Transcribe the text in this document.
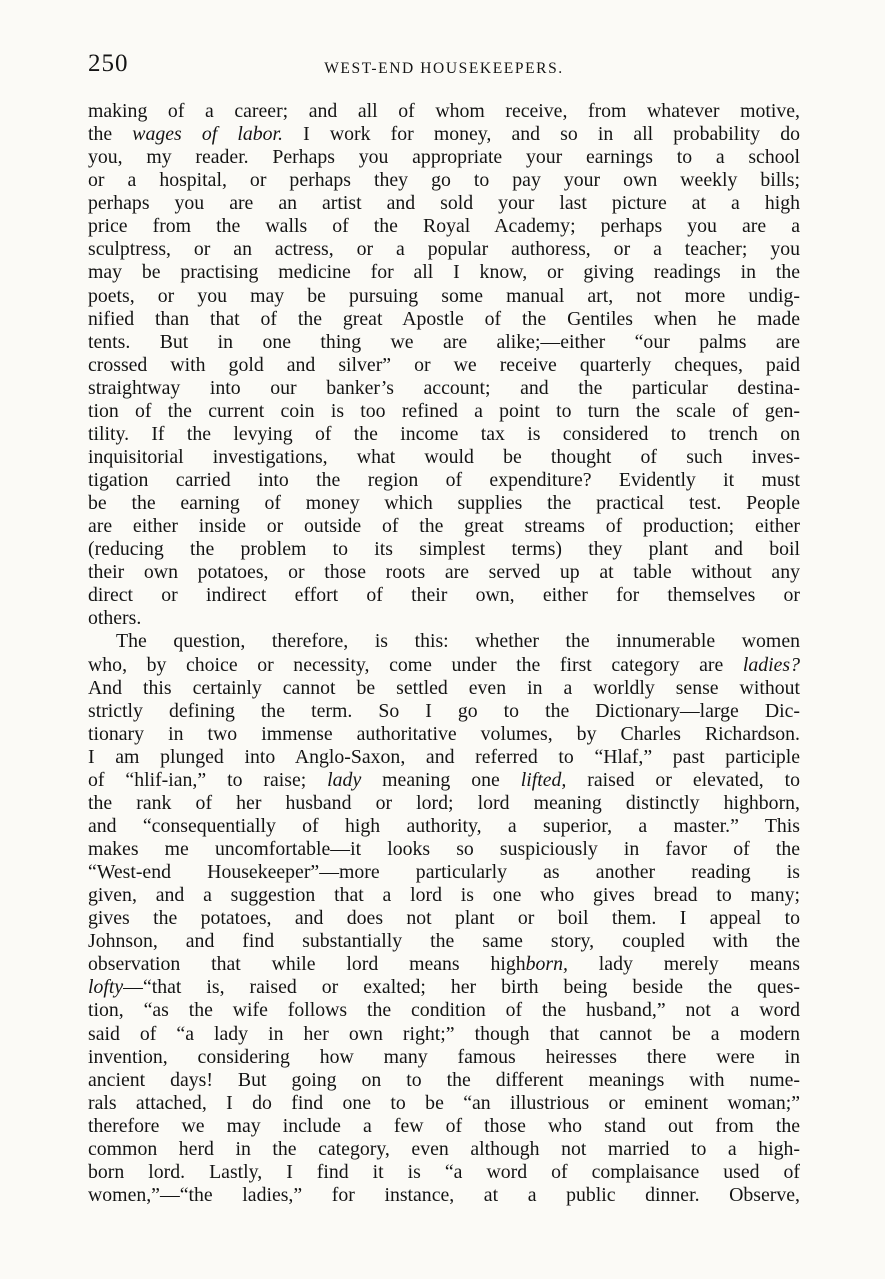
250	WEST-END HOUSEKEEPERS.
making of a career; and all of whom receive, from whatever motive,
the wages of labor. I work for money, and so in all probability do
you, my reader. Perhaps you appropriate your earnings to a school
or a hospital, or perhaps they go to pay your own weekly bills;
perhaps you are an artist and sold your last picture at a high
price from the walls of the Royal Academy; perhaps you are a
sculptress, or an actress, or a popular authoress, or a teacher; you
may be practising medicine for all I know, or giving readings in the
poets, or you may be pursuing some manual art, not more undig-
nified than that of the great Apostle of the Gentiles when he made
tents. But in one thing we are alike;—either “our palms are
crossed with gold and silver” or we receive quarterly cheques, paid
straightway into our banker’s account; and the particular destina-
tion of the current coin is too refined a point to turn the scale of gen-
tility. If the levying of the income tax is considered to trench on
inquisitorial investigations, what would be thought of such inves-
tigation carried into the region of expenditure? Evidently it must
be the earning of money which supplies the practical test. People
are either inside or outside of the great streams of production; either
(reducing the problem to its simplest terms) they plant and boil
their own potatoes, or those roots are served up at table without any
direct or indirect effort of their own, either for themselves or
others.
The question, therefore, is this: whether the innumerable women
who, by choice or necessity, come under the first category are ladies?
And this certainly cannot be settled even in a worldly sense without
strictly defining the term. So I go to the Dictionary—large Dic-
tionary in two immense authoritative volumes, by Charles Richardson.
I am plunged into Anglo-Saxon, and referred to “Hlaf,” past participle
of “hlif-ian,” to raise; lady meaning one lifted, raised or elevated, to
the rank of her husband or lord; lord meaning distinctly highborn,
and “consequentially of high authority, a superior, a master.” This
makes me uncomfortable—it looks so suspiciously in favor of the
“West-end Housekeeper”—more particularly as another reading is
given, and a suggestion that a lord is one who gives bread to many;
gives the potatoes, and does not plant or boil them. I appeal to
Johnson, and find substantially the same story, coupled with the
observation that while lord means highborn, lady merely means
lofty—“that is, raised or exalted; her birth being beside the ques-
tion, “as the wife follows the condition of the husband,” not a word
said of “a lady in her own right;” though that cannot be a modern
invention, considering how many famous heiresses there were in
ancient days! But going on to the different meanings with nume-
rals attached, I do find one to be “an illustrious or eminent woman;”
therefore we may include a few of those who stand out from the
common herd in the category, even although not married to a high-
born lord. Lastly, I find it is “a word of complaisance used of
women,”—“the ladies,” for instance, at a public dinner. Observe,
